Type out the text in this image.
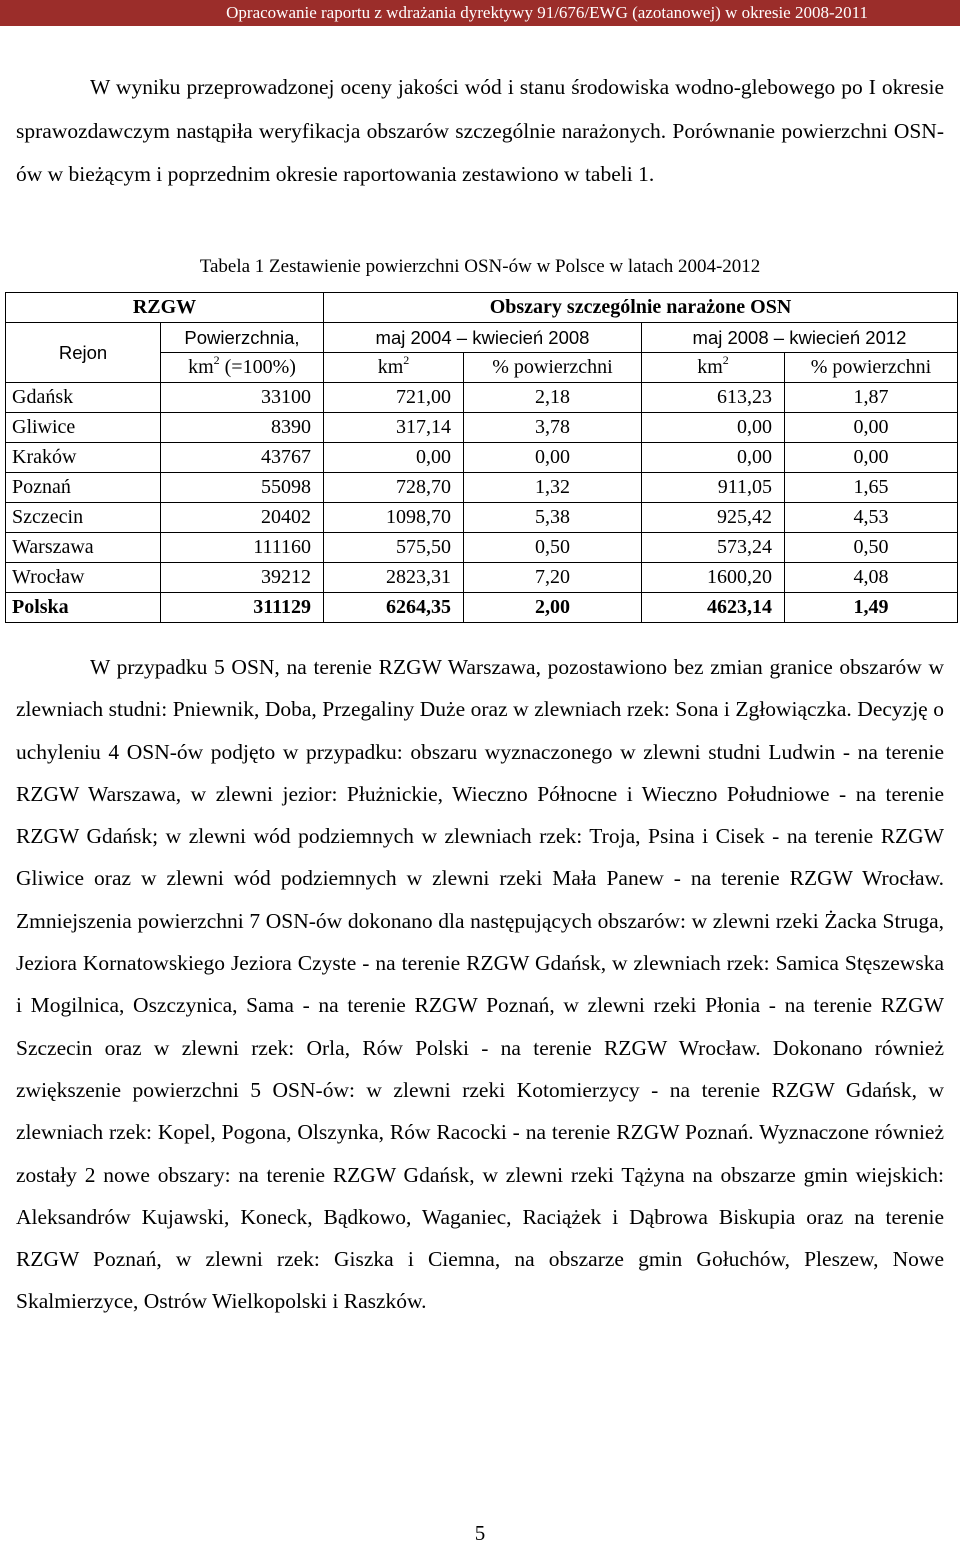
Opracowanie raportu z wdrażania dyrektywy 91/676/EWG (azotanowej) w okresie 2008-2011

W wyniku przeprowadzonej oceny jakości wód i stanu środowiska wodno-glebowego po I okresie sprawozdawczym nastąpiła weryfikacja obszarów szczególnie narażonych. Porównanie powierzchni OSN-ów w bieżącym i poprzednim okresie raportowania zestawiono w tabeli 1.

Tabela 1 Zestawienie powierzchni OSN-ów w Polsce w latach 2004-2012
RZGW		Obszary szczególnie narażone OSN			
Rejon	Powierzchnia,	maj 2004 – kwiecień 2008		maj 2008 – kwiecień 2012	
	$km^2$ (=100%)	$km^2$	% powierzchni	$km^2$	% powierzchni
Gdańsk	33100	721,00	2,18	613,23	1,87
Gliwice	8390	317,14	3,78	0,00	0,00
Kraków	43767	0,00	0,00	0,00	0,00
Poznań	55098	728,70	1,32	911,05	1,65
Szczecin	20402	1098,70	5,38	925,42	4,53
Warszawa	111160	575,50	0,50	573,24	0,50
Wrocław	39212	2823,31	7,20	1600,20	4,08
Polska	311129	6264,35	2,00	4623,14	1,49

W przypadku 5 OSN, na terenie RZGW Warszawa, pozostawiono bez zmian granice obszarów w zlewniach studni: Pniewnik, Doba, Przegaliny Duże oraz w zlewniach rzek: Sona i Zgłowiączka. Decyzję o uchyleniu 4 OSN-ów podjęto w przypadku: obszaru wyznaczonego w zlewni studni Ludwin - na terenie RZGW Warszawa, w zlewni jezior: Płużnickie, Wieczno Północne i Wieczno Południowe - na terenie RZGW Gdańsk; w zlewni wód podziemnych w zlewniach rzek: Troja, Psina i Cisek - na terenie RZGW Gliwice oraz w zlewni wód podziemnych w zlewni rzeki Mała Panew - na terenie RZGW Wrocław. Zmniejszenia powierzchni 7 OSN-ów dokonano dla następujących obszarów: w zlewni rzeki Żacka Struga, Jeziora Kornatowskiego Jeziora Czyste - na terenie RZGW Gdańsk, w zlewniach rzek: Samica Stęszewska i Mogilnica, Oszczynica, Sama - na terenie RZGW Poznań, w zlewni rzeki Płonia - na terenie RZGW Szczecin oraz w zlewni rzek: Orla, Rów Polski - na terenie RZGW Wrocław. Dokonano również zwiększenie powierzchni 5 OSN-ów: w zlewni rzeki Kotomierzycy - na terenie RZGW Gdańsk, w zlewniach rzek: Kopel, Pogona, Olszynka, Rów Racocki - na terenie RZGW Poznań. Wyznaczone również zostały 2 nowe obszary: na terenie RZGW Gdańsk, w zlewni rzeki Tążyna na obszarze gmin wiejskich: Aleksandrów Kujawski, Koneck, Bądkowo, Waganiec, Raciążek i Dąbrowa Biskupia oraz na terenie RZGW Poznań, w zlewni rzek: Giszka i Ciemna, na obszarze gmin Gołuchów, Pleszew, Nowe Skalmierzyce, Ostrów Wielkopolski i Raszków.

5
